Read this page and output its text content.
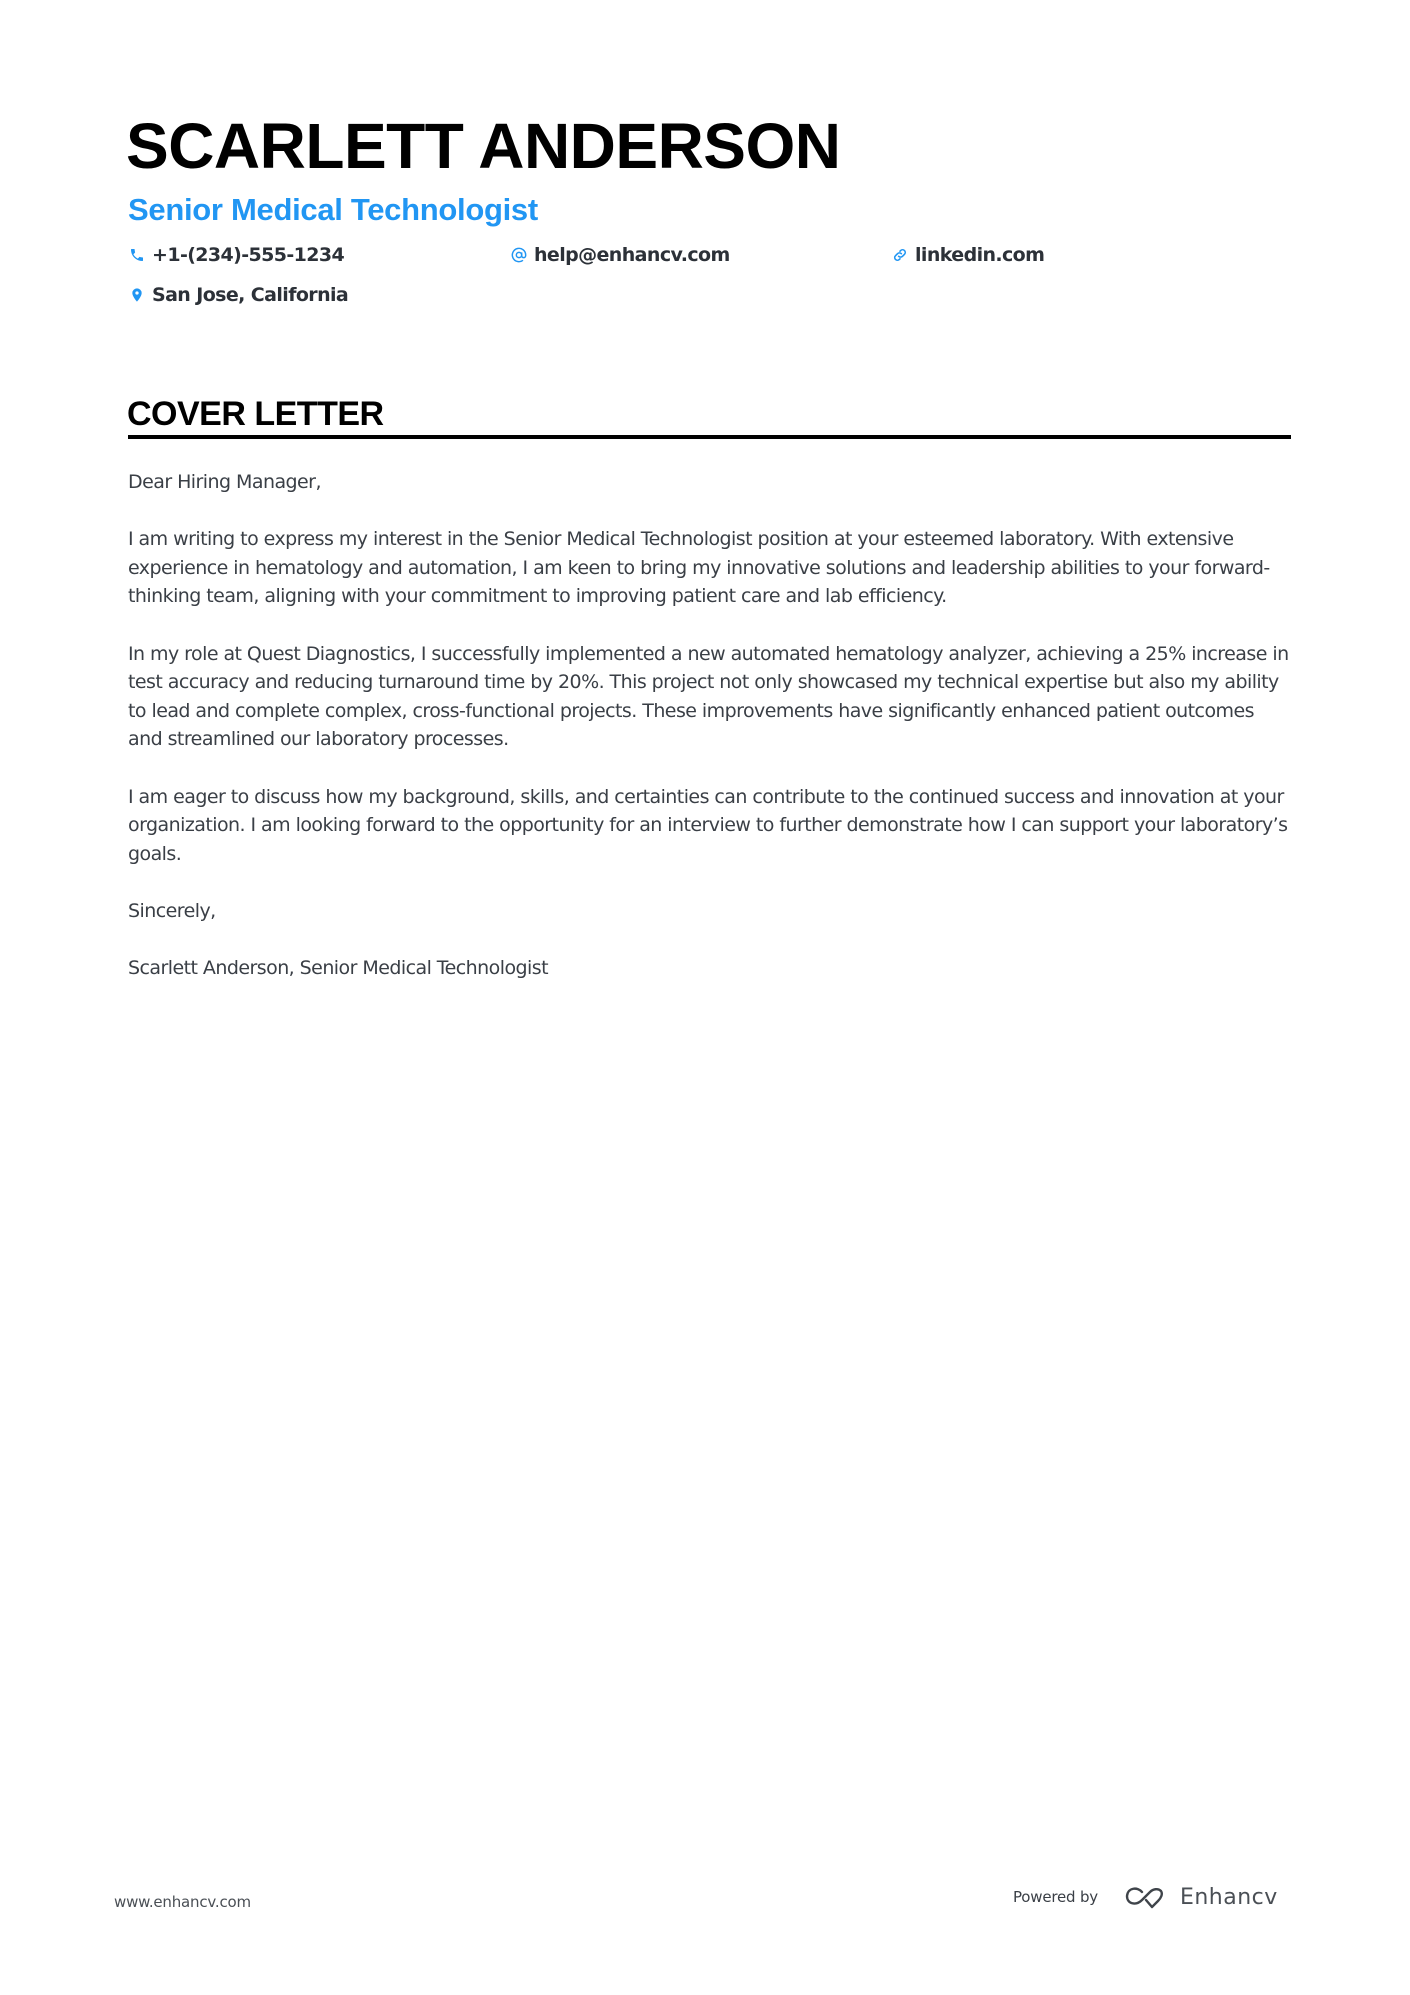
SCARLETT ANDERSON
Senior Medical Technologist
+1-(234)-555-1234	help@enhancv.com	linkedin.com
San Jose, California
COVER LETTER

Dear Hiring Manager,

I am writing to express my interest in the Senior Medical Technologist position at your esteemed laboratory. With extensive experience in hematology and automation, I am keen to bring my innovative solutions and leadership abilities to your forward-thinking team, aligning with your commitment to improving patient care and lab efficiency.

In my role at Quest Diagnostics, I successfully implemented a new automated hematology analyzer, achieving a 25% increase in test accuracy and reducing turnaround time by 20%. This project not only showcased my technical expertise but also my ability to lead and complete complex, cross-functional projects. These improvements have significantly enhanced patient outcomes and streamlined our laboratory processes.

I am eager to discuss how my background, skills, and certainties can contribute to the continued success and innovation at your organization. I am looking forward to the opportunity for an interview to further demonstrate how I can support your laboratory’s goals.

Sincerely,

Scarlett Anderson, Senior Medical Technologist

www.enhancv.com	Powered by	Enhancv
